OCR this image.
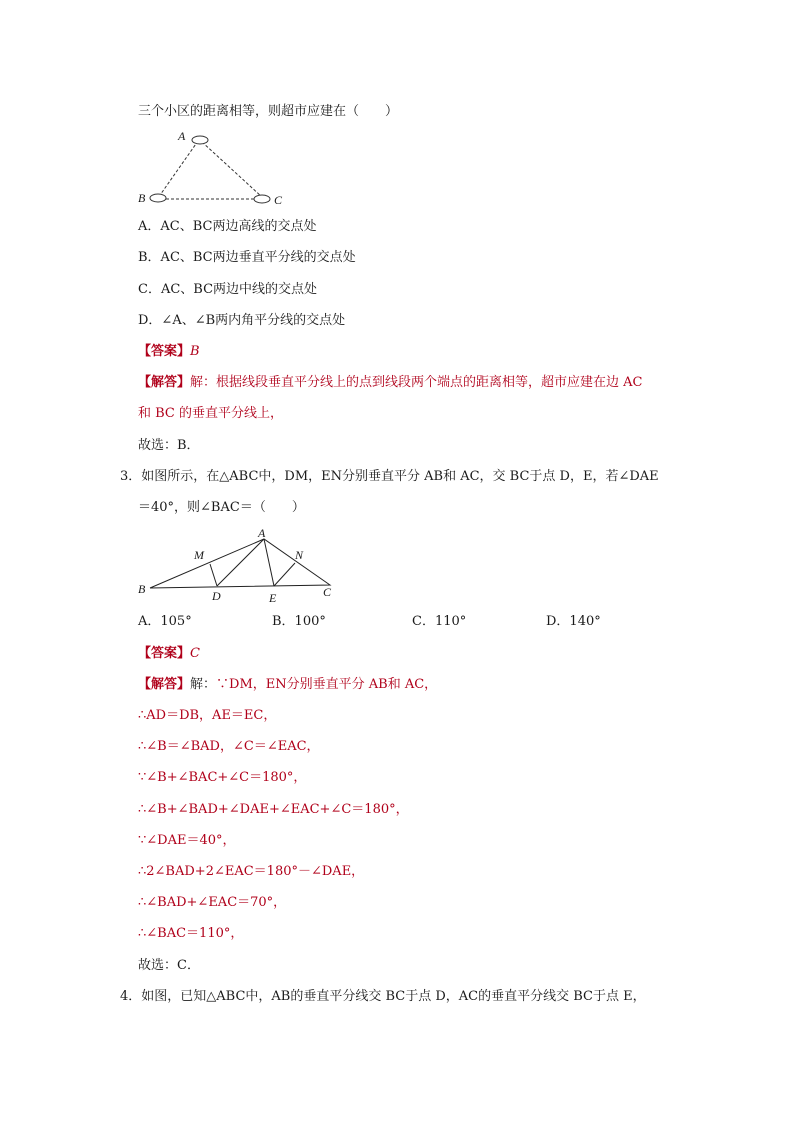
三个小区的距离相等，则超市应建在（　　）
A
B	C
A．AC、BC两边高线的交点处
B．AC、BC两边垂直平分线的交点处
C．AC、BC两边中线的交点处
D．∠A、∠B两内角平分线的交点处
【答案】B
【解答】解：根据线段垂直平分线上的点到线段两个端点的距离相等，超市应建在边 AC
和 BC 的垂直平分线上，
故选：B．
3．如图所示，在△ABC中，DM，EN分别垂直平分 AB和 AC，交 BC于点 D，E，若∠DAE
＝40°，则∠BAC＝（　　）
A
B	C
M	N
D	E
A．105°	B．100°	C．110°	D．140°
【答案】C
【解答】解：∵DM，EN分别垂直平分 AB和 AC，
∴AD＝DB，AE＝EC，
∴∠B＝∠BAD，∠C＝∠EAC，
∵∠B+∠BAC+∠C＝180°，
∴∠B+∠BAD+∠DAE+∠EAC+∠C＝180°，
∵∠DAE＝40°，
∴2∠BAD+2∠EAC＝180°－∠DAE，
∴∠BAD+∠EAC＝70°，
∴∠BAC＝110°，
故选：C．
4．如图，已知△ABC中，AB的垂直平分线交 BC于点 D，AC的垂直平分线交 BC于点 E，
